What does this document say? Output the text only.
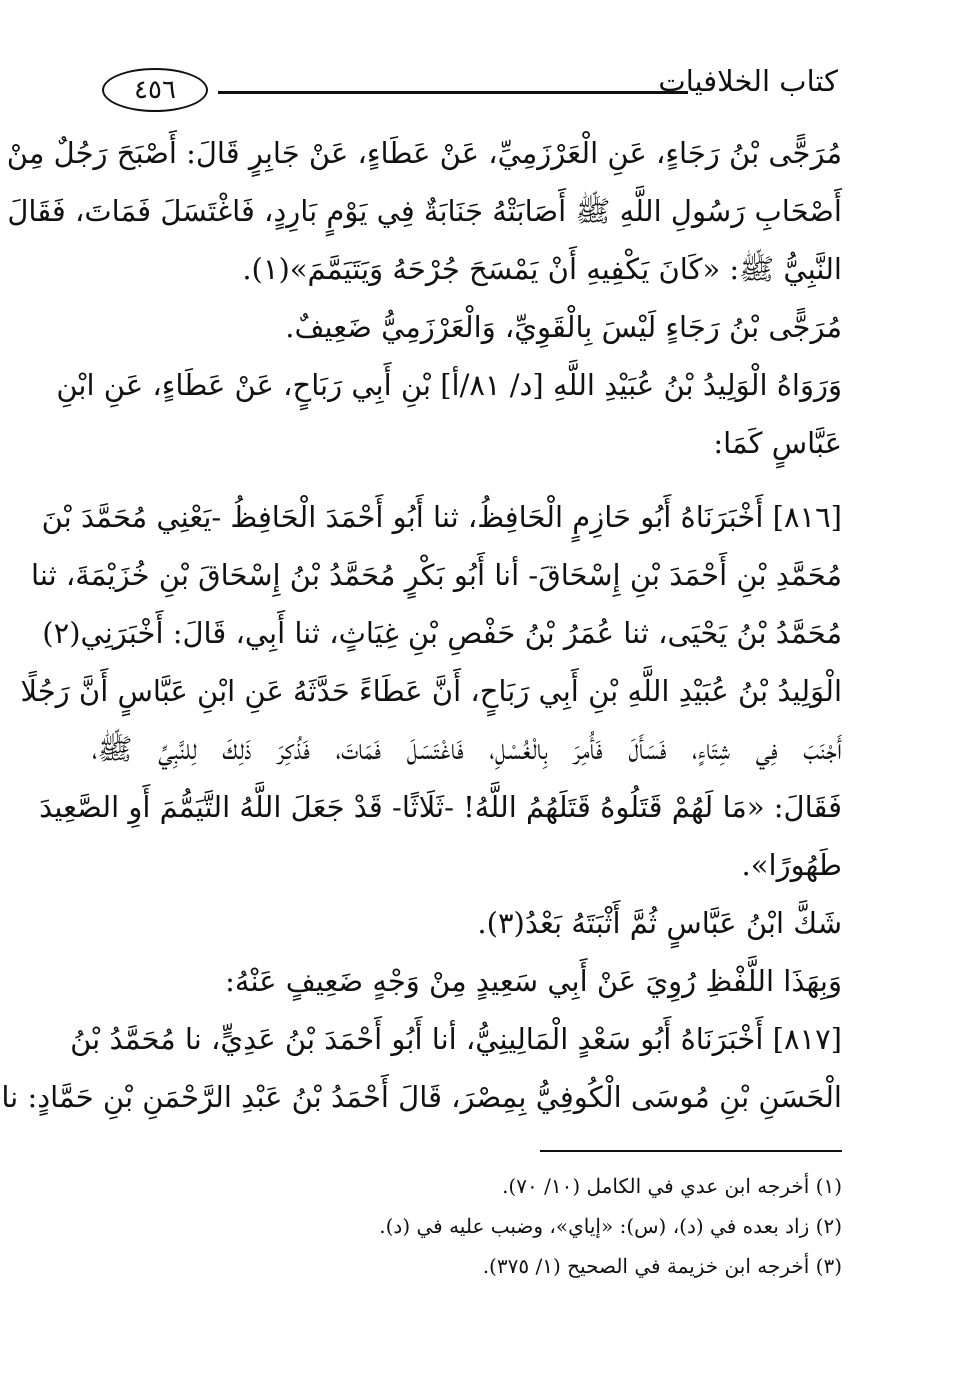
كتاب الخلافيات
٤٥٦
مُرَجًّى بْنُ رَجَاءٍ، عَنِ الْعَرْزَمِيِّ، عَنْ عَطَاءٍ، عَنْ جَابِرٍ قَالَ: أَصْبَحَ رَجُلٌ مِنْ
أَصْحَابِ رَسُولِ اللَّهِ ﷺ أَصَابَتْهُ جَنَابَةٌ فِي يَوْمٍ بَارِدٍ، فَاغْتَسَلَ فَمَاتَ، فَقَالَ
النَّبِيُّ ﷺ: «كَانَ يَكْفِيهِ أَنْ يَمْسَحَ جُرْحَهُ وَيَتَيَمَّمَ»(١).
مُرَجًّى بْنُ رَجَاءٍ لَيْسَ بِالْقَوِيِّ، وَالْعَرْزَمِيُّ ضَعِيفٌ.
وَرَوَاهُ الْوَلِيدُ بْنُ عُبَيْدِ اللَّهِ [د/ ٨١/أ] بْنِ أَبِي رَبَاحٍ، عَنْ عَطَاءٍ، عَنِ ابْنِ
عَبَّاسٍ كَمَا:
[٨١٦] أَخْبَرَنَاهُ أَبُو حَازِمٍ الْحَافِظُ، ثنا أَبُو أَحْمَدَ الْحَافِظُ -يَعْنِي مُحَمَّدَ بْنَ
مُحَمَّدِ بْنِ أَحْمَدَ بْنِ إِسْحَاقَ- أنا أَبُو بَكْرٍ مُحَمَّدُ بْنُ إِسْحَاقَ بْنِ خُزَيْمَةَ، ثنا
مُحَمَّدُ بْنُ يَحْيَى، ثنا عُمَرُ بْنُ حَفْصِ بْنِ غِيَاثٍ، ثنا أَبِي، قَالَ: أَخْبَرَنِي(٢)
الْوَلِيدُ بْنُ عُبَيْدِ اللَّهِ بْنِ أَبِي رَبَاحٍ، أَنَّ عَطَاءً حَدَّثَهُ عَنِ ابْنِ عَبَّاسٍ أَنَّ رَجُلًا
أَجْنَبَ فِي شِتَاءٍ، فَسَأَلَ فَأُمِرَ بِالْغُسْلِ، فَاغْتَسَلَ فَمَاتَ، فَذُكِرَ ذَلِكَ لِلنَّبِيِّ ﷺ،
فَقَالَ: «مَا لَهُمْ قَتَلُوهُ قَتَلَهُمُ اللَّهُ! -ثَلَاثًا- قَدْ جَعَلَ اللَّهُ التَّيَمُّمَ أَوِ الصَّعِيدَ
طَهُورًا».
شَكَّ ابْنُ عَبَّاسٍ ثُمَّ أَثْبَتَهُ بَعْدُ(٣).
وَبِهَذَا اللَّفْظِ رُوِيَ عَنْ أَبِي سَعِيدٍ مِنْ وَجْهٍ ضَعِيفٍ عَنْهُ:
[٨١٧] أَخْبَرَنَاهُ أَبُو سَعْدٍ الْمَالِينِيُّ، أنا أَبُو أَحْمَدَ بْنُ عَدِيٍّ، نا مُحَمَّدُ بْنُ
الْحَسَنِ بْنِ مُوسَى الْكُوفِيُّ بِمِصْرَ، قَالَ أَحْمَدُ بْنُ عَبْدِ الرَّحْمَنِ بْنِ حَمَّادٍ: نا
(١) أخرجه ابن عدي في الكامل (١٠/ ٧٠).
(٢) زاد بعده في (د)، (س): «إياي»، وضبب عليه في (د).
(٣) أخرجه ابن خزيمة في الصحيح (١/ ٣٧٥).
